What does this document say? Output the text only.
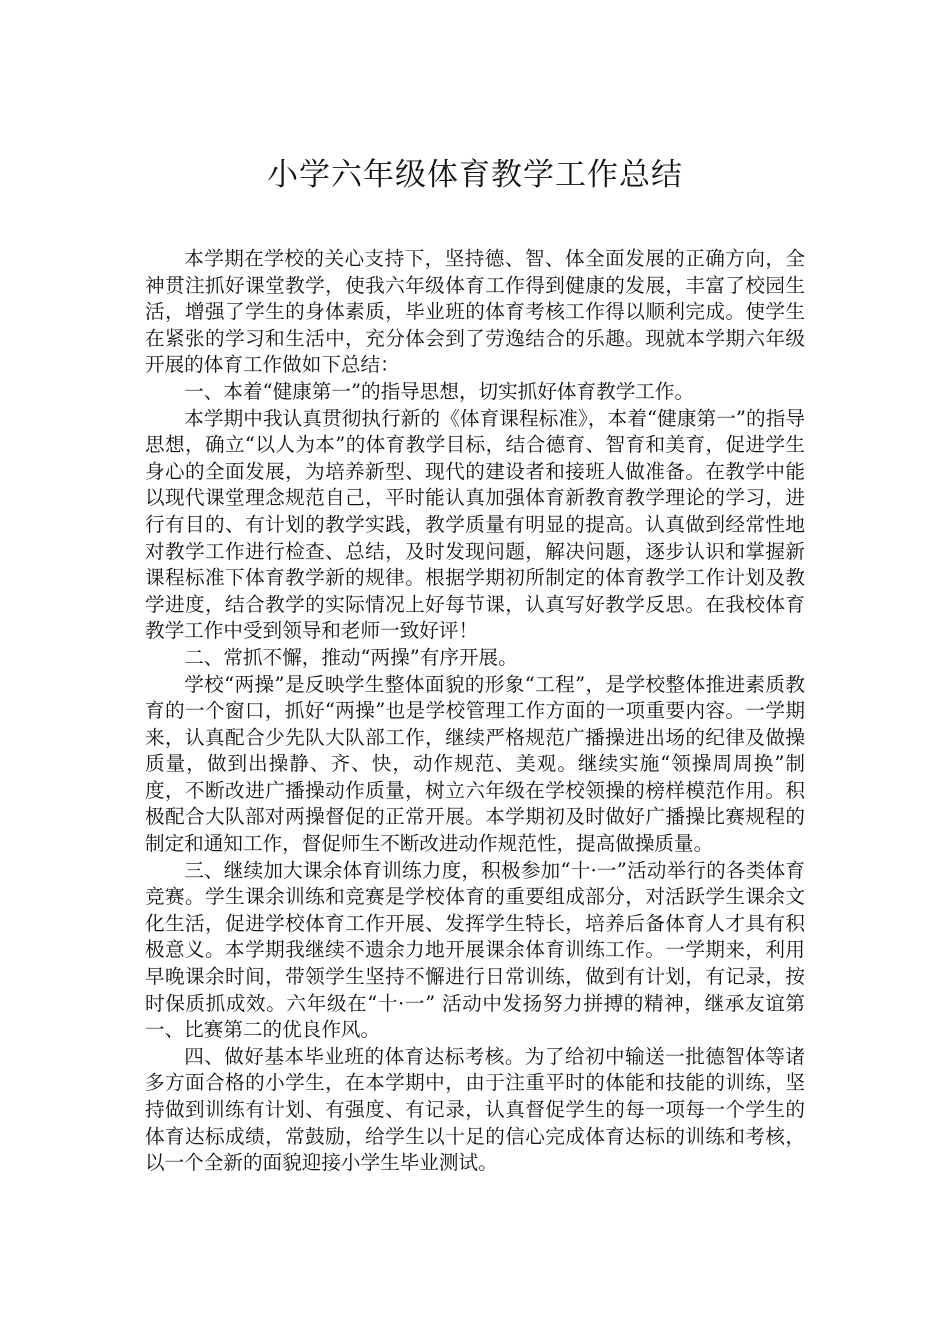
小学六年级体育教学工作总结

本学期在学校的关心支持下，坚持德、智、体全面发展的正确方向，全神贯注抓好课堂教学，使我六年级体育工作得到健康的发展，丰富了校园生活，增强了学生的身体素质，毕业班的体育考核工作得以顺利完成。使学生在紧张的学习和生活中，充分体会到了劳逸结合的乐趣。现就本学期六年级开展的体育工作做如下总结：

一、本着“健康第一”的指导思想，切实抓好体育教学工作。

本学期中我认真贯彻执行新的《体育课程标准》，本着“健康第一”的指导思想，确立“以人为本”的体育教学目标，结合德育、智育和美育，促进学生身心的全面发展，为培养新型、现代的建设者和接班人做准备。在教学中能以现代课堂理念规范自己，平时能认真加强体育新教育教学理论的学习，进行有目的、有计划的教学实践，教学质量有明显的提高。认真做到经常性地对教学工作进行检查、总结，及时发现问题，解决问题，逐步认识和掌握新课程标准下体育教学新的规律。根据学期初所制定的体育教学工作计划及教学进度，结合教学的实际情况上好每节课，认真写好教学反思。在我校体育教学工作中受到领导和老师一致好评！

二、常抓不懈，推动“两操”有序开展。

学校“两操”是反映学生整体面貌的形象“工程”，是学校整体推进素质教育的一个窗口，抓好“两操”也是学校管理工作方面的一项重要内容。一学期来，认真配合少先队大队部工作，继续严格规范广播操进出场的纪律及做操质量，做到出操静、齐、快，动作规范、美观。继续实施“领操周周换”制度，不断改进广播操动作质量，树立六年级在学校领操的榜样模范作用。积极配合大队部对两操督促的正常开展。本学期初及时做好广播操比赛规程的制定和通知工作，督促师生不断改进动作规范性，提高做操质量。

三、继续加大课余体育训练力度，积极参加“十·一”活动举行的各类体育竞赛。学生课余训练和竞赛是学校体育的重要组成部分，对活跃学生课余文化生活，促进学校体育工作开展、发挥学生特长，培养后备体育人才具有积极意义。本学期我继续不遗余力地开展课余体育训练工作。一学期来，利用早晚课余时间，带领学生坚持不懈进行日常训练，做到有计划，有记录，按时保质抓成效。六年级在“十·一” 活动中发扬努力拼搏的精神，继承友谊第一、比赛第二的优良作风。

四、做好基本毕业班的体育达标考核。为了给初中输送一批德智体等诸多方面合格的小学生，在本学期中，由于注重平时的体能和技能的训练，坚持做到训练有计划、有强度、有记录，认真督促学生的每一项每一个学生的体育达标成绩，常鼓励，给学生以十足的信心完成体育达标的训练和考核，以一个全新的面貌迎接小学生毕业测试。
